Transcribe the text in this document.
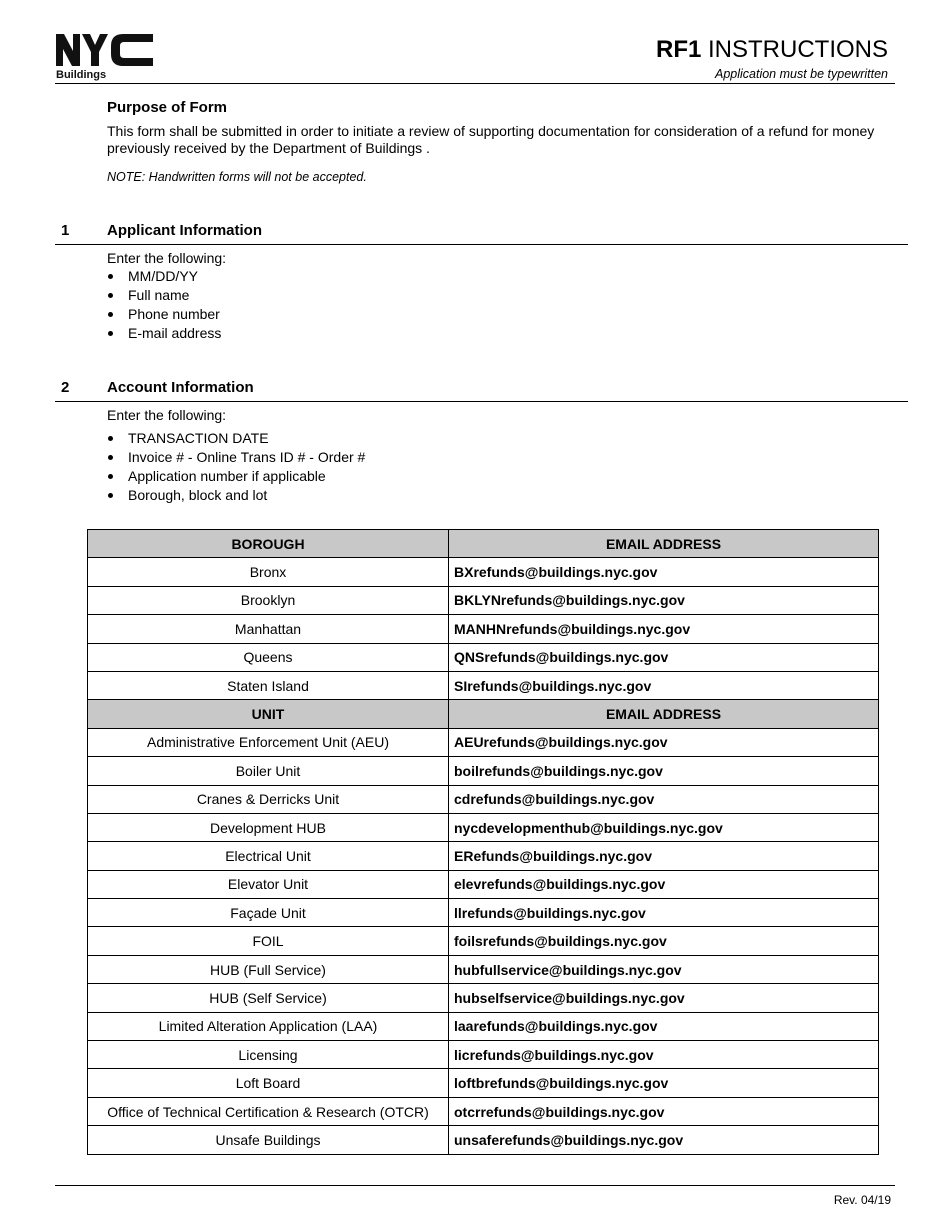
Buildings
RF1 INSTRUCTIONS
Application must be typewritten
Purpose of Form
This form shall be submitted in order to initiate a review of supporting documentation for consideration of a refund for money previously received by the Department of Buildings .
NOTE: Handwritten forms will not be accepted.
1	Applicant Information
Enter the following:
MM/DD/YY
Full name
Phone number
E-mail address
2	Account Information
Enter the following:
TRANSACTION DATE
Invoice # - Online Trans ID # - Order #
Application number if applicable
Borough, block and lot
BOROUGH	EMAIL ADDRESS
Bronx	BXrefunds@buildings.nyc.gov
Brooklyn	BKLYNrefunds@buildings.nyc.gov
Manhattan	MANHNrefunds@buildings.nyc.gov
Queens	QNSrefunds@buildings.nyc.gov
Staten Island	SIrefunds@buildings.nyc.gov
UNIT	EMAIL ADDRESS
Administrative Enforcement Unit (AEU)	AEUrefunds@buildings.nyc.gov
Boiler Unit	boilrefunds@buildings.nyc.gov
Cranes & Derricks Unit	cdrefunds@buildings.nyc.gov
Development HUB	nycdevelopmenthub@buildings.nyc.gov
Electrical Unit	ERefunds@buildings.nyc.gov
Elevator Unit	elevrefunds@buildings.nyc.gov
Façade Unit	llrefunds@buildings.nyc.gov
FOIL	foilsrefunds@buildings.nyc.gov
HUB (Full Service)	hubfullservice@buildings.nyc.gov
HUB (Self Service)	hubselfservice@buildings.nyc.gov
Limited Alteration Application (LAA)	laarefunds@buildings.nyc.gov
Licensing	licrefunds@buildings.nyc.gov
Loft Board	loftbrefunds@buildings.nyc.gov
Office of Technical Certification & Research (OTCR)	otcrrefunds@buildings.nyc.gov
Unsafe Buildings	unsaferefunds@buildings.nyc.gov
Rev. 04/19
